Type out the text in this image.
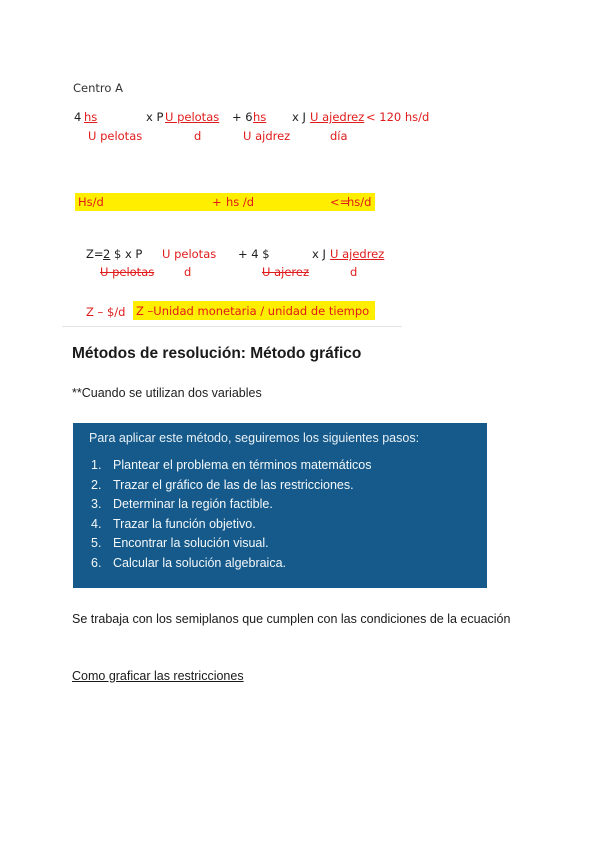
Centro A
4 hs	x P U pelotas + 6 hs	x J U ajedrez < 120 hs/d
U pelotas	d	U ajdrez	día
Hs/d	+ hs /d	<=
hs/d
Z= 2 $ x P U pelotas + 4 $	x J U ajedrez
U pelotas	d	U ajerez	d
Z – $/d Z –Unidad monetaria / unidad de tiempo
Métodos de resolución: Método gráfico
**Cuando se utilizan dos variables
Para aplicar este método, seguiremos los siguientes pasos:
1. Plantear el problema en términos matemáticos
2. Trazar el gráfico de las de las restricciones.
3. Determinar la región factible.
4. Trazar la función objetivo.
5. Encontrar la solución visual.
6. Calcular la solución algebraica.
Se trabaja con los semiplanos que cumplen con las condiciones de la ecuación
Como graficar las restricciones
